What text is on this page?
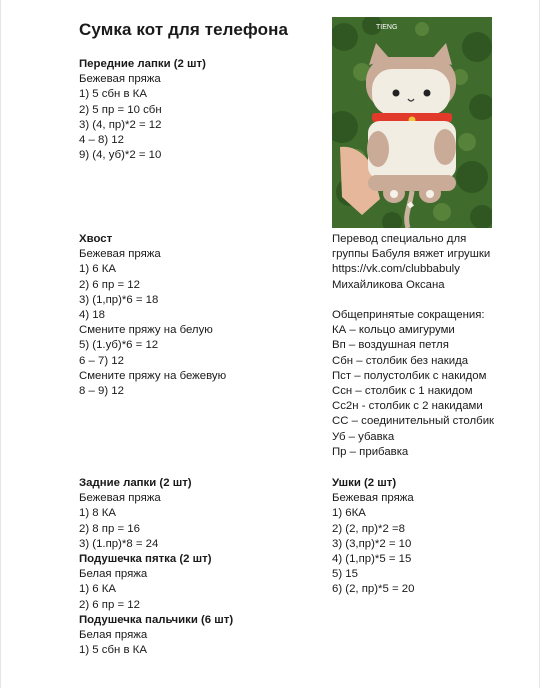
Сумка кот для телефона
Передние лапки (2 шт)
Бежевая пряжа
1) 5 сбн в КА
2) 5 пр = 10 сбн
3) (4, пр)*2 = 12
4 – 8) 12
9) (4, уб)*2 = 10
Хвост
Бежевая пряжа
1) 6 КА
2) 6 пр = 12
3) (1,пр)*6 = 18
4) 18
Смените пряжу на белую
5) (1.уб)*6 = 12
6 – 7) 12
Смените пряжу на бежевую
8 – 9) 12
Задние лапки (2 шт)
Бежевая пряжа
1) 8 КА
2) 8 пр = 16
3) (1.пр)*8 = 24
Подушечка пятка (2 шт)
Белая пряжа
1) 6 КА
2) 6 пр = 12
Подушечка пальчики (6 шт)
Белая пряжа
1) 5 сбн в КА
TIENG
Перевод специально для
группы Бабуля вяжет игрушки
https://vk.com/clubbabuly
Михайликова Оксана
Общепринятые сокращения:
КА – кольцо амигуруми
Вп – воздушная петля
Сбн – столбик без накида
Пст – полустолбик с накидом
Ссн – столбик с 1 накидом
Сс2н - столбик с 2 накидами
СС – соединительный столбик
Уб – убавка
Пр – прибавка
Ушки (2 шт)
Бежевая пряжа
1) 6КА
2) (2, пр)*2 =8
3) (3,пр)*2 = 10
4) (1,пр)*5 = 15
5) 15
6) (2, пр)*5 = 20
